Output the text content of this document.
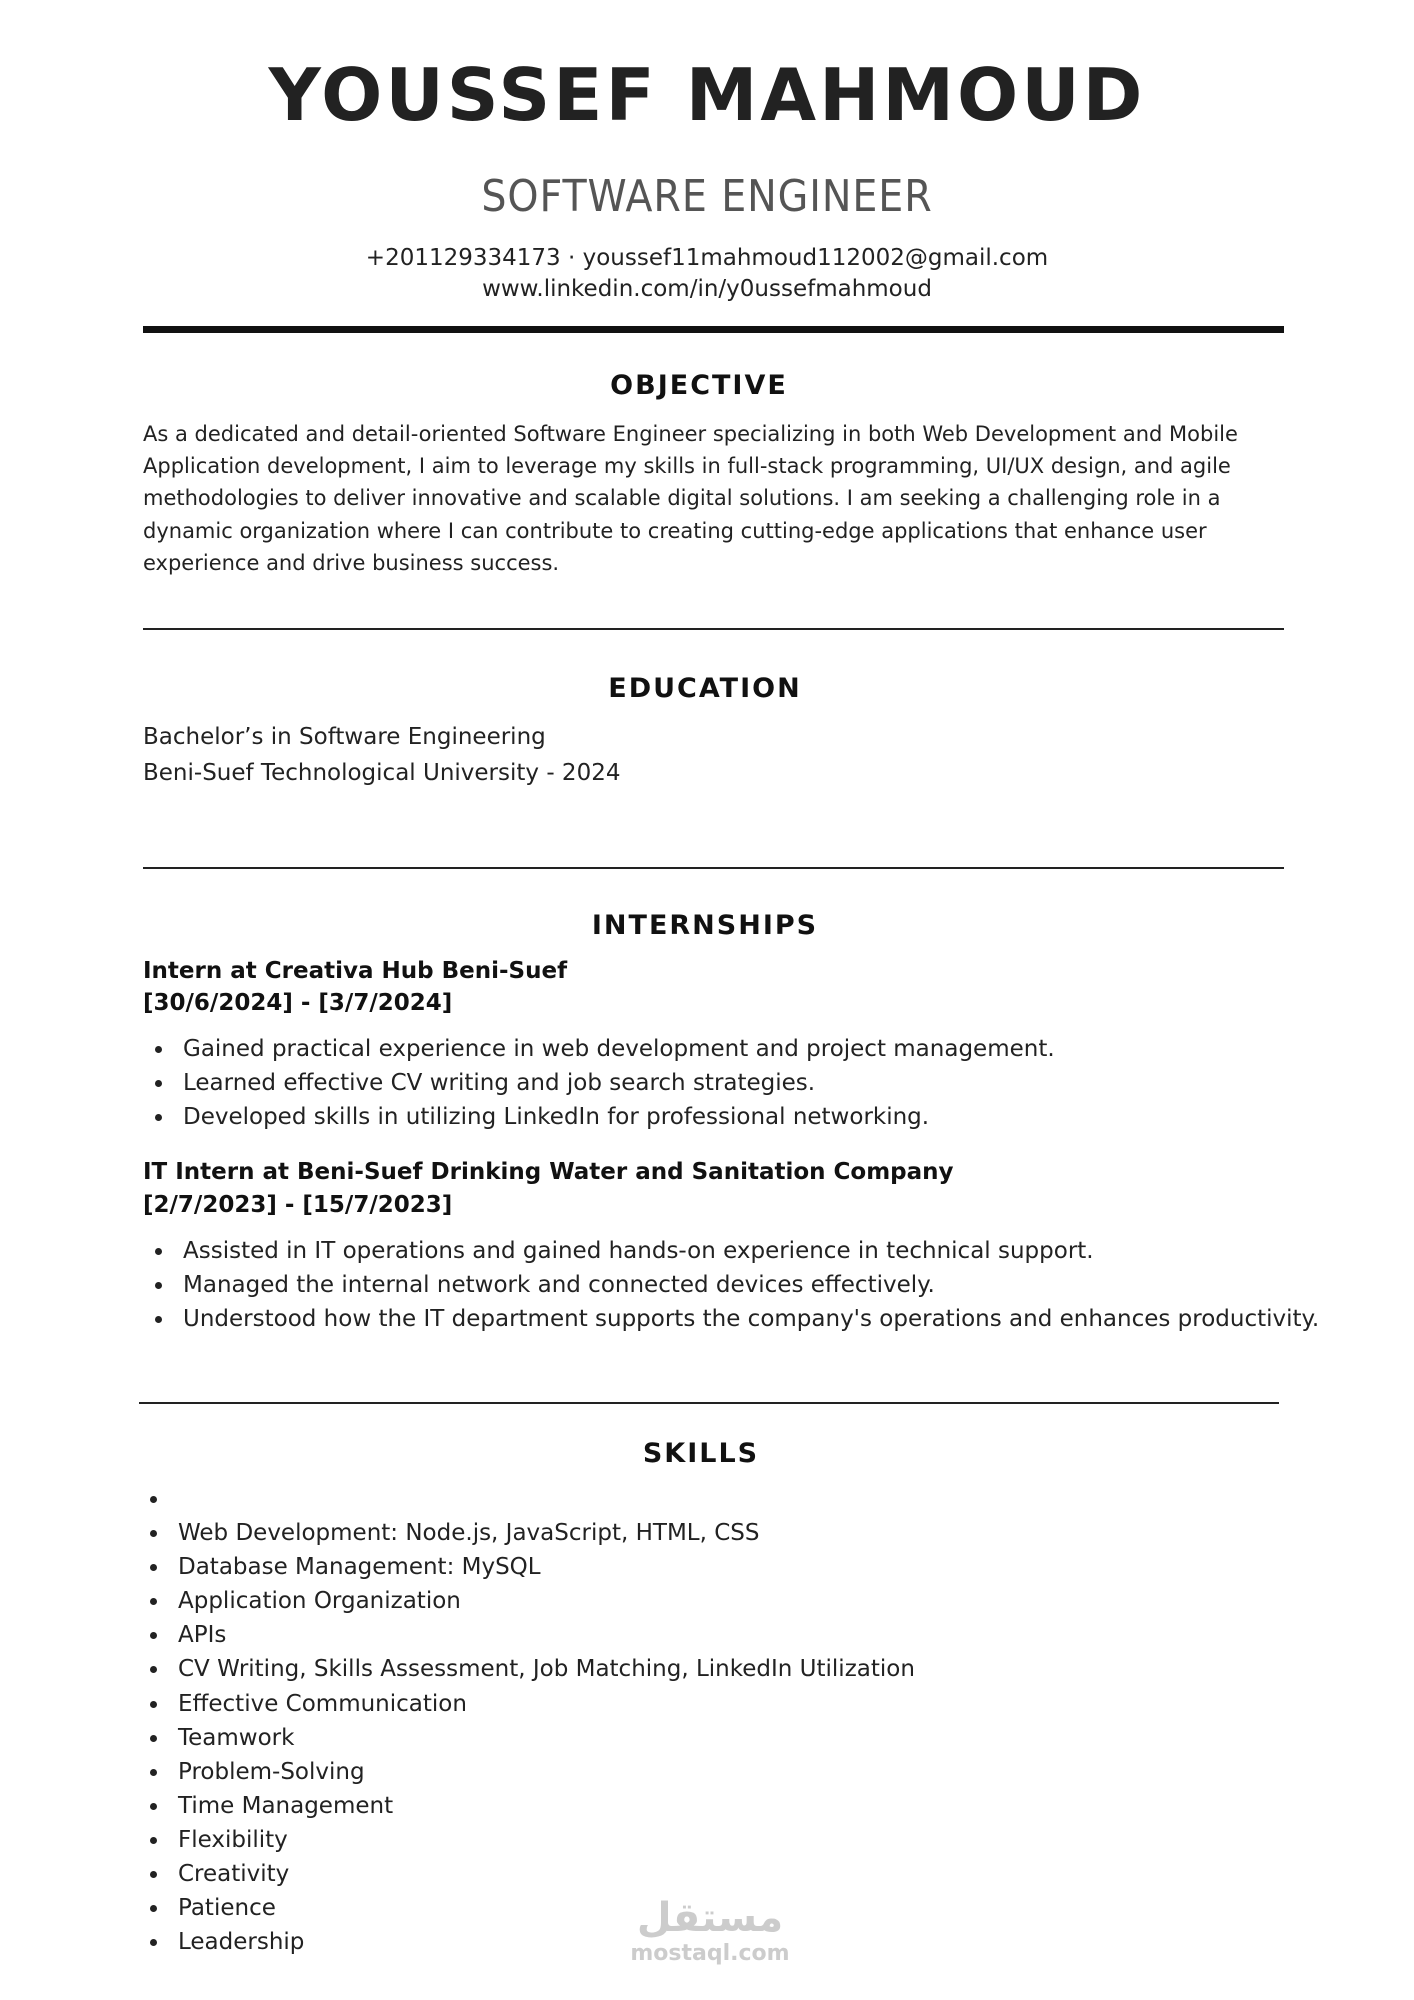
YOUSSEF MAHMOUD
SOFTWARE ENGINEER
+201129334173 · youssef11mahmoud112002@gmail.com
www.linkedin.com/in/y0ussefmahmoud
OBJECTIVE
As a dedicated and detail-oriented Software Engineer specializing in both Web Development and Mobile
Application development, I aim to leverage my skills in full-stack programming, UI/UX design, and agile
methodologies to deliver innovative and scalable digital solutions. I am seeking a challenging role in a
dynamic organization where I can contribute to creating cutting-edge applications that enhance user
experience and drive business success.
EDUCATION
Bachelor’s in Software Engineering
Beni-Suef Technological University - 2024
INTERNSHIPS
Intern at Creativa Hub Beni-Suef
[30/6/2024] - [3/7/2024]
Gained practical experience in web development and project management.
Learned effective CV writing and job search strategies.
Developed skills in utilizing LinkedIn for professional networking.
IT Intern at Beni-Suef Drinking Water and Sanitation Company
[2/7/2023] - [15/7/2023]
Assisted in IT operations and gained hands-on experience in technical support.
Managed the internal network and connected devices effectively.
Understood how the IT department supports the company's operations and enhances productivity.
SKILLS

Web Development: Node.js, JavaScript, HTML, CSS
Database Management: MySQL
Application Organization
APIs
CV Writing, Skills Assessment, Job Matching, LinkedIn Utilization
Effective Communication
Teamwork
Problem-Solving
Time Management
Flexibility
Creativity
Patience
Leadership
مستقل
mostaql.com
